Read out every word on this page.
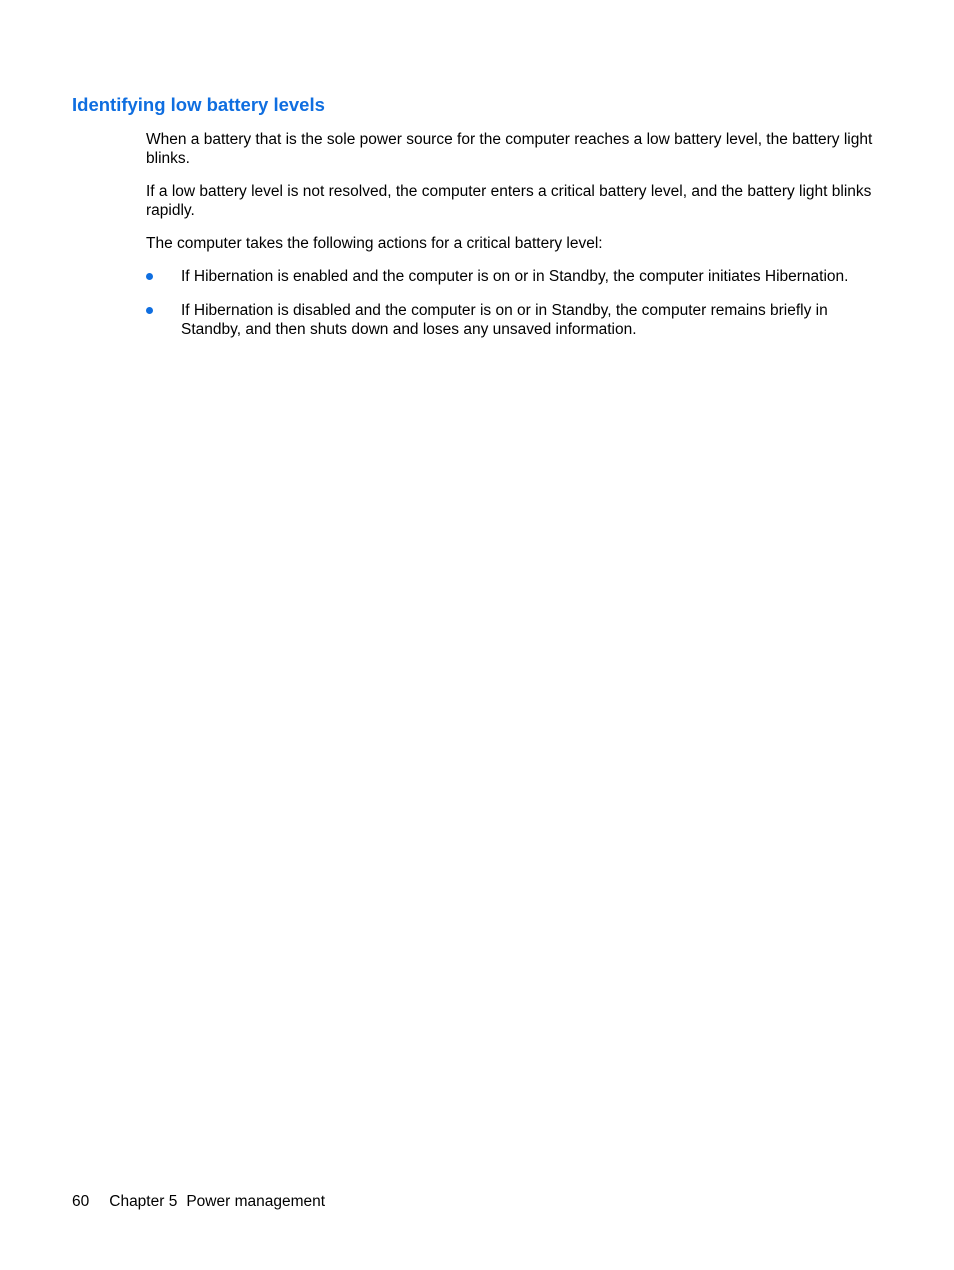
Identifying low battery levels

When a battery that is the sole power source for the computer reaches a low battery level, the battery light blinks.

If a low battery level is not resolved, the computer enters a critical battery level, and the battery light blinks rapidly.

The computer takes the following actions for a critical battery level:

If Hibernation is enabled and the computer is on or in Standby, the computer initiates Hibernation.
If Hibernation is disabled and the computer is on or in Standby, the computer remains briefly in Standby, and then shuts down and loses any unsaved information.
60 Chapter 5 Power management
